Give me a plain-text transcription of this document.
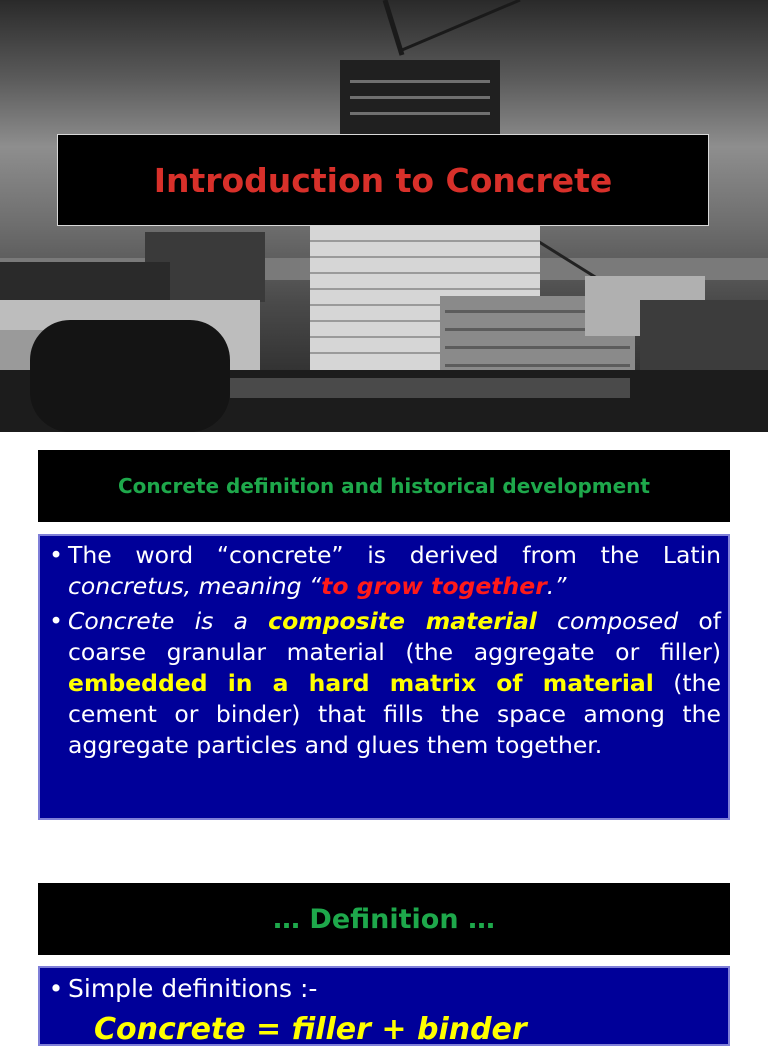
Introduction to Concrete
Concrete definition and historical development
• The word “concrete” is derived from the Latin concretus, meaning “to grow together.”
• Concrete is a composite material composed of coarse granular material (the aggregate or filler) embedded in a hard matrix of material (the cement or binder) that fills the space among the aggregate particles and glues them together.
… Definition …
• Simple definitions :-
Concrete = filler + binder
